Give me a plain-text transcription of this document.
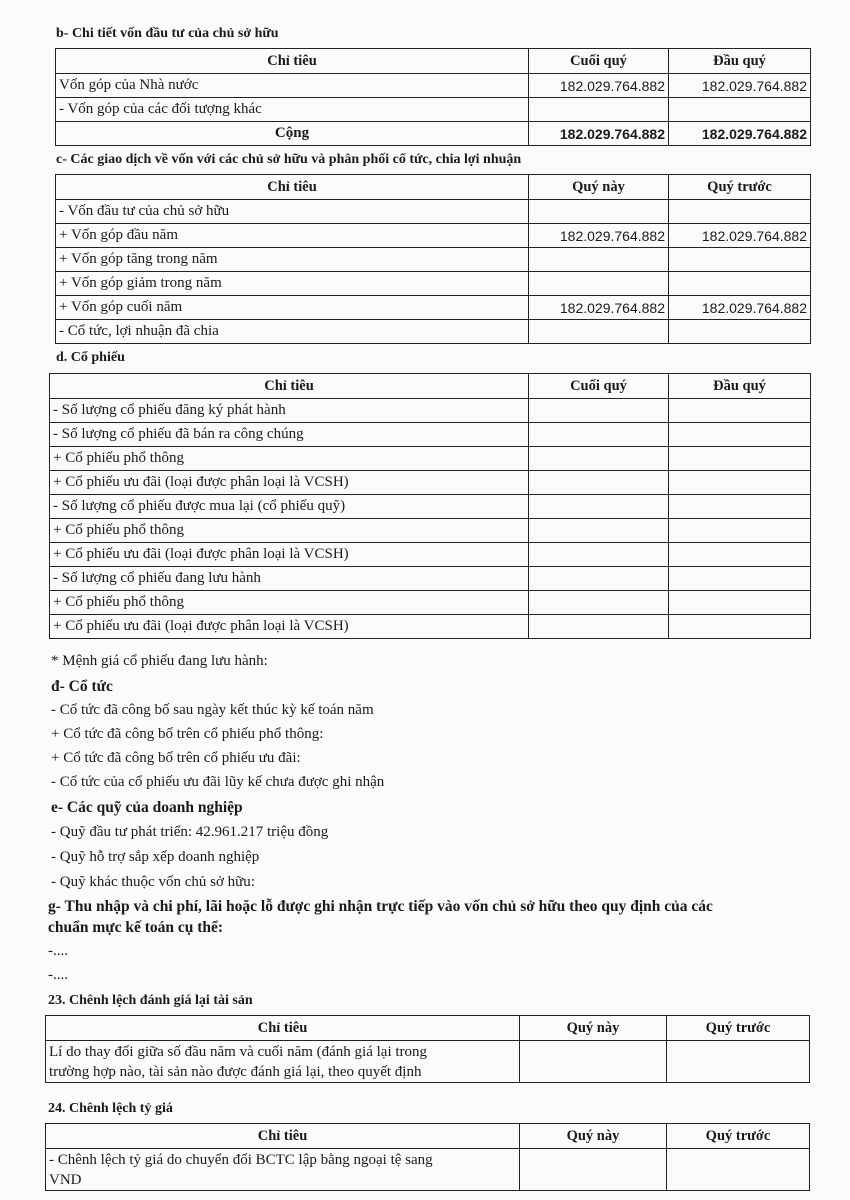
b- Chi tiết vốn đầu tư của chủ sở hữu
Chỉ tiêu	Cuối quý	Đầu quý
Vốn góp của Nhà nước	182.029.764.882	182.029.764.882
- Vốn góp của các đối tượng khác		
Cộng	182.029.764.882	182.029.764.882
c- Các giao dịch về vốn với các chủ sở hữu và phân phối cổ tức, chia lợi nhuận
Chỉ tiêu	Quý này	Quý trước
- Vốn đầu tư của chủ sở hữu		
+ Vốn góp đầu năm	182.029.764.882	182.029.764.882
+ Vốn góp tăng trong năm		
+ Vốn góp giảm trong năm		
+ Vốn góp cuối năm	182.029.764.882	182.029.764.882
- Cổ tức, lợi nhuận đã chia		
d. Cổ phiếu
Chỉ tiêu	Cuối quý	Đầu quý
- Số lượng cổ phiếu đăng ký phát hành		
- Số lượng cổ phiếu đã bán ra công chúng		
+ Cổ phiếu phổ thông		
+ Cổ phiếu ưu đãi (loại được phân loại là VCSH)		
- Số lượng cổ phiếu được mua lại (cổ phiếu quỹ)		
+ Cổ phiếu phổ thông		
+ Cổ phiếu ưu đãi (loại được phân loại là VCSH)		
- Số lượng cổ phiếu đang lưu hành		
+ Cổ phiếu phổ thông		
+ Cổ phiếu ưu đãi (loại được phân loại là VCSH)		
* Mệnh giá cổ phiếu đang lưu hành:
đ- Cổ tức
- Cổ tức đã công bố sau ngày kết thúc kỳ kế toán năm
+ Cổ tức đã công bố trên cổ phiếu phổ thông:
+ Cổ tức đã công bố trên cổ phiếu ưu đãi:
- Cổ tức của cổ phiếu ưu đãi lũy kế chưa được ghi nhận
e- Các quỹ của doanh nghiệp
- Quỹ đầu tư phát triển: 42.961.217 triệu đồng
- Quỹ hỗ trợ sắp xếp doanh nghiệp
- Quỹ khác thuộc vốn chủ sở hữu:
g- Thu nhập và chi phí, lãi hoặc lỗ được ghi nhận trực tiếp vào vốn chủ sở hữu theo quy định của các
chuẩn mực kế toán cụ thể:
-....
-....
23. Chênh lệch đánh giá lại tài sản
Chỉ tiêu	Quý này	Quý trước

Lí do thay đổi giữa số đầu năm và cuối năm (đánh giá lại trong
trường hợp nào, tài sản nào được đánh giá lại, theo quyết định		

24. Chênh lệch tỷ giá
Chỉ tiêu	Quý này	Quý trước

- Chênh lệch tỷ giá do chuyển đổi BCTC lập bằng ngoại tệ sang
VND		
